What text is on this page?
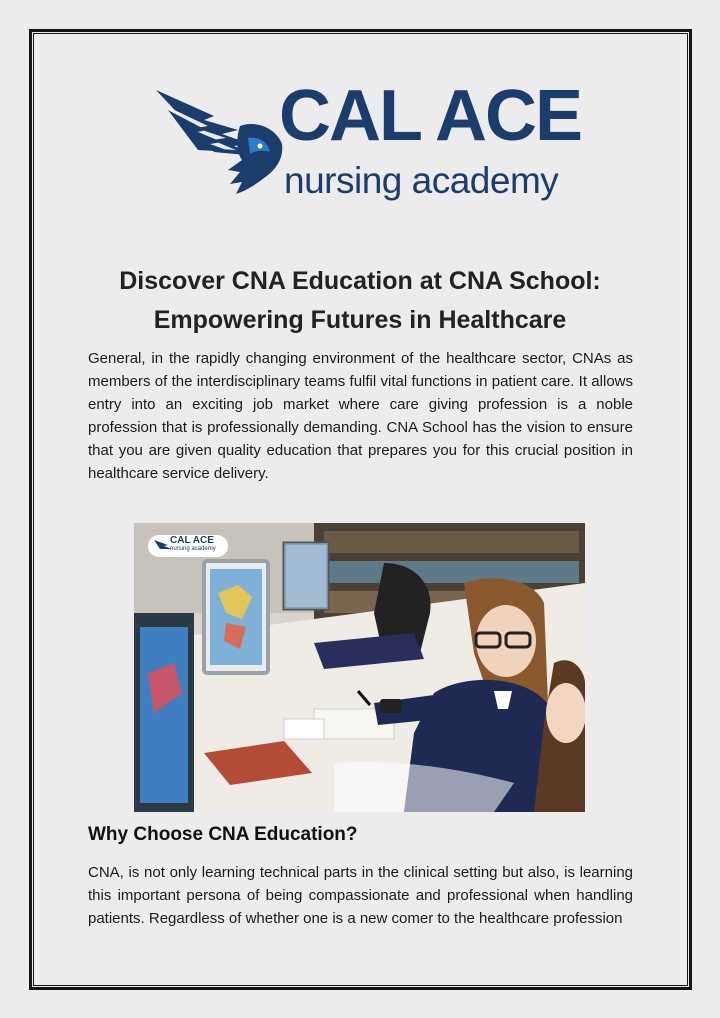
CAL ACE
nursing academy
Discover CNA Education at CNA School:
Empowering Futures in Healthcare

General, in the rapidly changing environment of the healthcare sector, CNAs as members of the interdisciplinary teams fulfil vital functions in patient care. It allows entry into an exciting job market where care giving profession is a noble profession that is professionally demanding. CNA School has the vision to ensure that you are given quality education that prepares you for this crucial position in healthcare service delivery.

CAL ACE
nursing academy
Why Choose CNA Education?

CNA, is not only learning technical parts in the clinical setting but also, is learning this important persona of being compassionate and professional when handling patients. Regardless of whether one is a new comer to the healthcare profession
